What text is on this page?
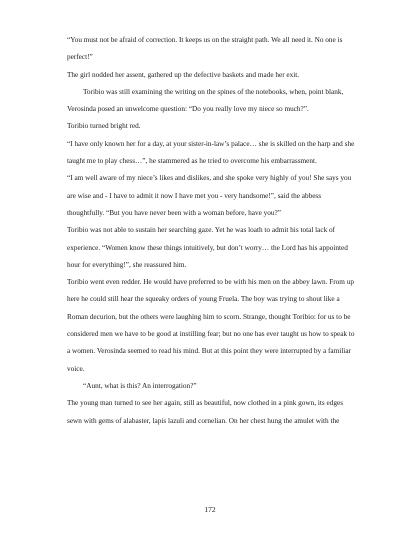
“You must not be afraid of correction. It keeps us on the straight path. We all need it. No one is perfect!”

The girl nodded her assent, gathered up the defective baskets and made her exit.

Toribio was still examining the writing on the spines of the notebooks, when, point blank, Verosinda posed an unwelcome question: “Do you really love my niece so much?”.

Toribio turned bright red.

“I have only known her for a day, at your sister-in-law’s palace… she is skilled on the harp and she taught me to play chess…”, he stammered as he tried to overcome his embarrassment.

“I am well aware of my niece’s likes and dislikes, and she spoke very highly of you! She says you are wise and - I have to admit it now I have met you - very handsome!”, said the abbess thoughtfully. “But you have never been with a woman before, have you?”

Toribio was not able to sustain her searching gaze. Yet he was loath to admit his total lack of experience. “Women know these things intuitively, but don’t worry… the Lord has his appointed hour for everything!”, she reassured him.

Toribio went even redder. He would have preferred to be with his men on the abbey lawn. From up here he could still hear the squeaky orders of young Fruela. The boy was trying to shout like a Roman decurion, but the others were laughing him to scorn. Strange, thought Toribio: for us to be considered men we have to be good at instilling fear; but no one has ever taught us how to speak to a women. Verosinda seemed to read his mind. But at this point they were interrupted by a familiar voice.

“Aunt, what is this? An interrogation?”

The young man turned to see her again, still as beautiful, now clothed in a pink gown, its edges sewn with gems of alabaster, lapis lazuli and cornelian. On her chest hung the amulet with the

172
